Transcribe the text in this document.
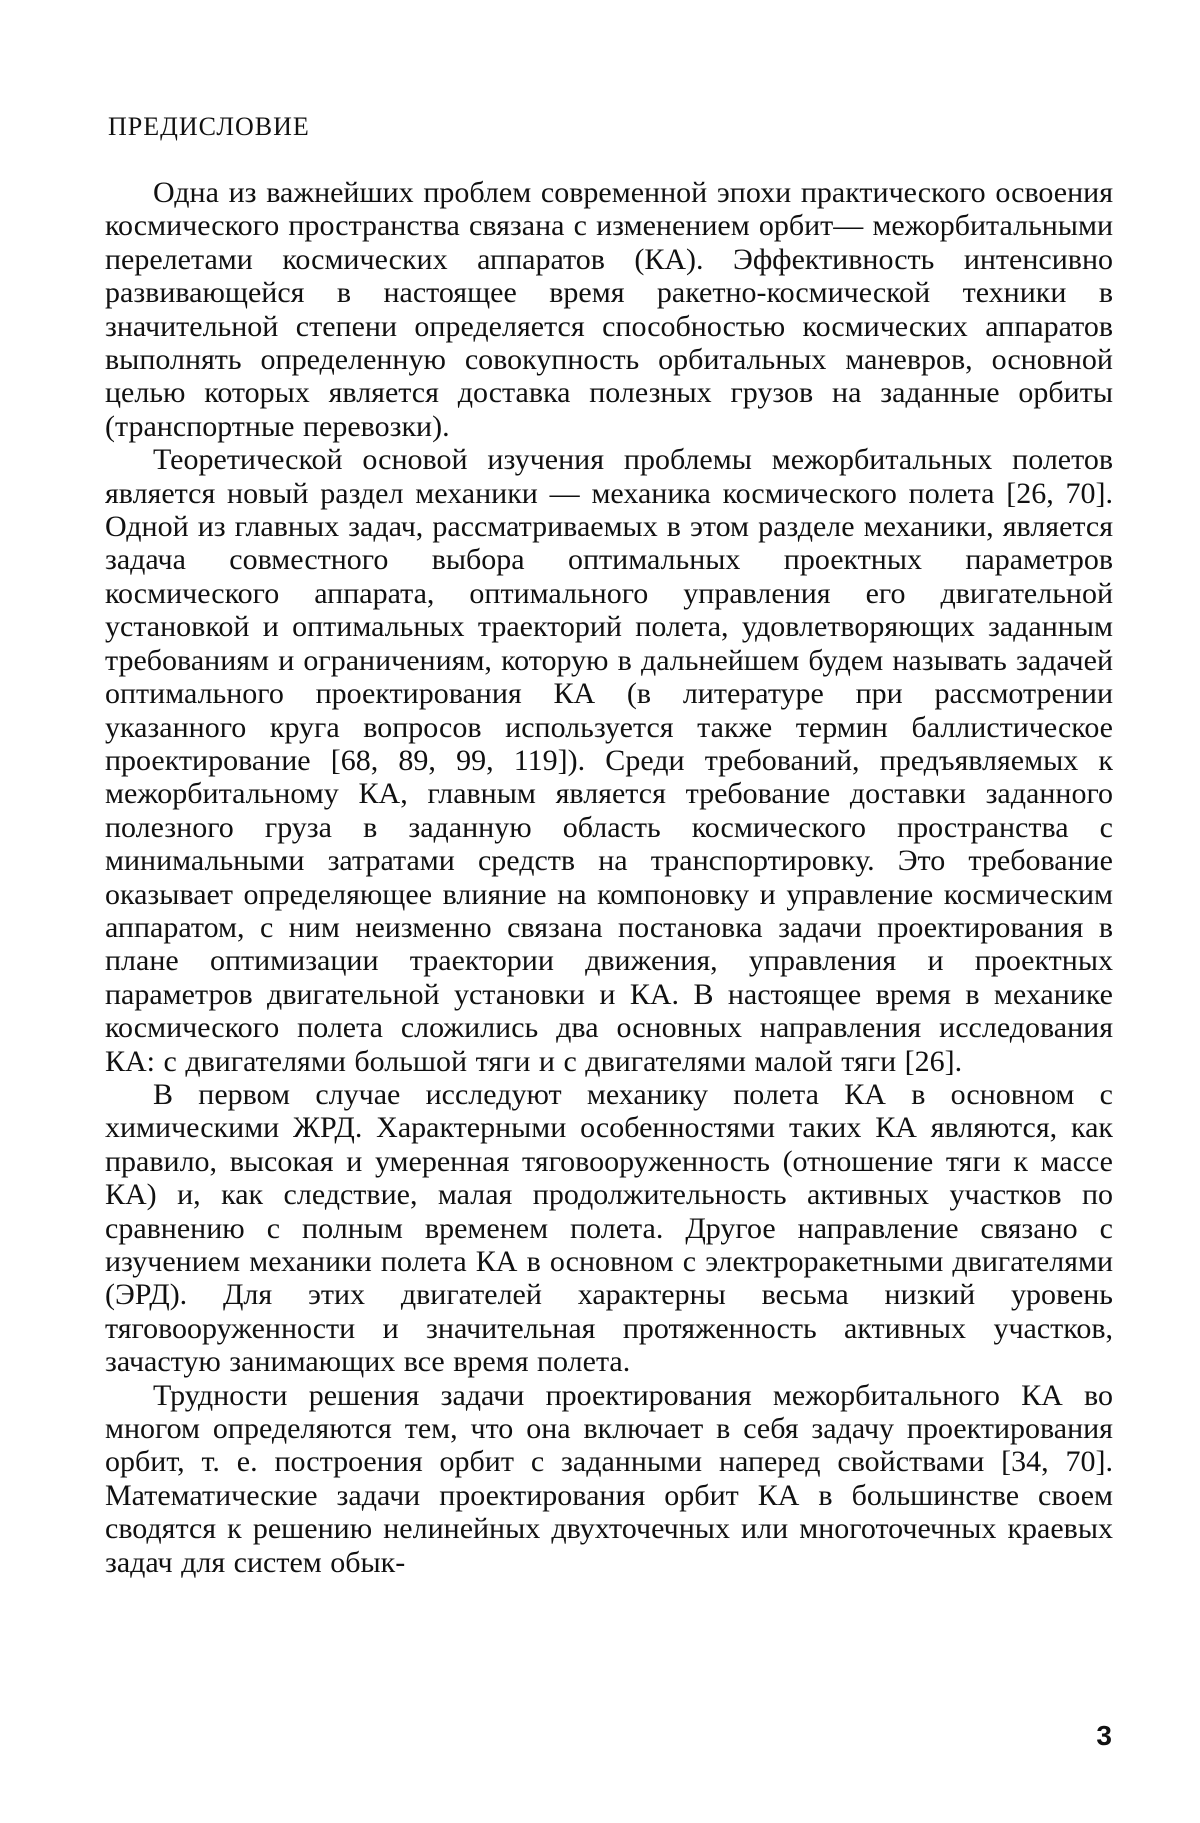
ПРЕДИСЛОВИЕ

Одна из важнейших проблем современной эпохи практического освоения космического пространства связана с изменением орбит— межорбитальными перелетами космических аппаратов (КА). Эффективность интенсивно развивающейся в настоящее время ракетно-космической техники в значительной степени определяется способностью космических аппаратов выполнять определенную совокупность орбитальных маневров, основной целью которых является доставка полезных грузов на заданные орбиты (транспортные перевозки).

Теоретической основой изучения проблемы межорбитальных полетов является новый раздел механики — механика космического полета [26, 70]. Одной из главных задач, рассматриваемых в этом разделе механики, является задача совместного выбора оптимальных проектных параметров космического аппарата, оптимального управления его двигательной установкой и оптимальных траекторий полета, удовлетворяющих заданным требованиям и ограничениям, которую в дальнейшем будем называть задачей оптимального проектирования КА (в литературе при рассмотрении указанного круга вопросов используется также термин баллистическое проектирование [68, 89, 99, 119]). Среди требований, предъявляемых к межорбитальному КА, главным является требование доставки заданного полезного груза в заданную область космического пространства с минимальными затратами средств на транспортировку. Это требование оказывает определяющее влияние на компоновку и управление космическим аппаратом, с ним неизменно связана постановка задачи проектирования в плане оптимизации траектории движения, управления и проектных параметров двигательной установки и КА. В настоящее время в механике космического полета сложились два основных направления исследования КА: с двигателями большой тяги и с двигателями малой тяги [26].

В первом случае исследуют механику полета КА в основном с химическими ЖРД. Характерными особенностями таких КА являются, как правило, высокая и умеренная тяговооруженность (отношение тяги к массе КА) и, как следствие, малая продолжительность активных участков по сравнению с полным временем полета. Другое направление связано с изучением механики полета КА в основном с электроракетными двигателями (ЭРД). Для этих двигателей характерны весьма низкий уровень тяговооруженности и значительная протяженность активных участков, зачастую занимающих все время полета.

Трудности решения задачи проектирования межорбитального КА во многом определяются тем, что она включает в себя задачу проектирования орбит, т. е. построения орбит с заданными наперед свойствами [34, 70]. Математические задачи проектирования орбит КА в большинстве своем сводятся к решению нелинейных двухточечных или многоточечных краевых задач для систем обык-

3
